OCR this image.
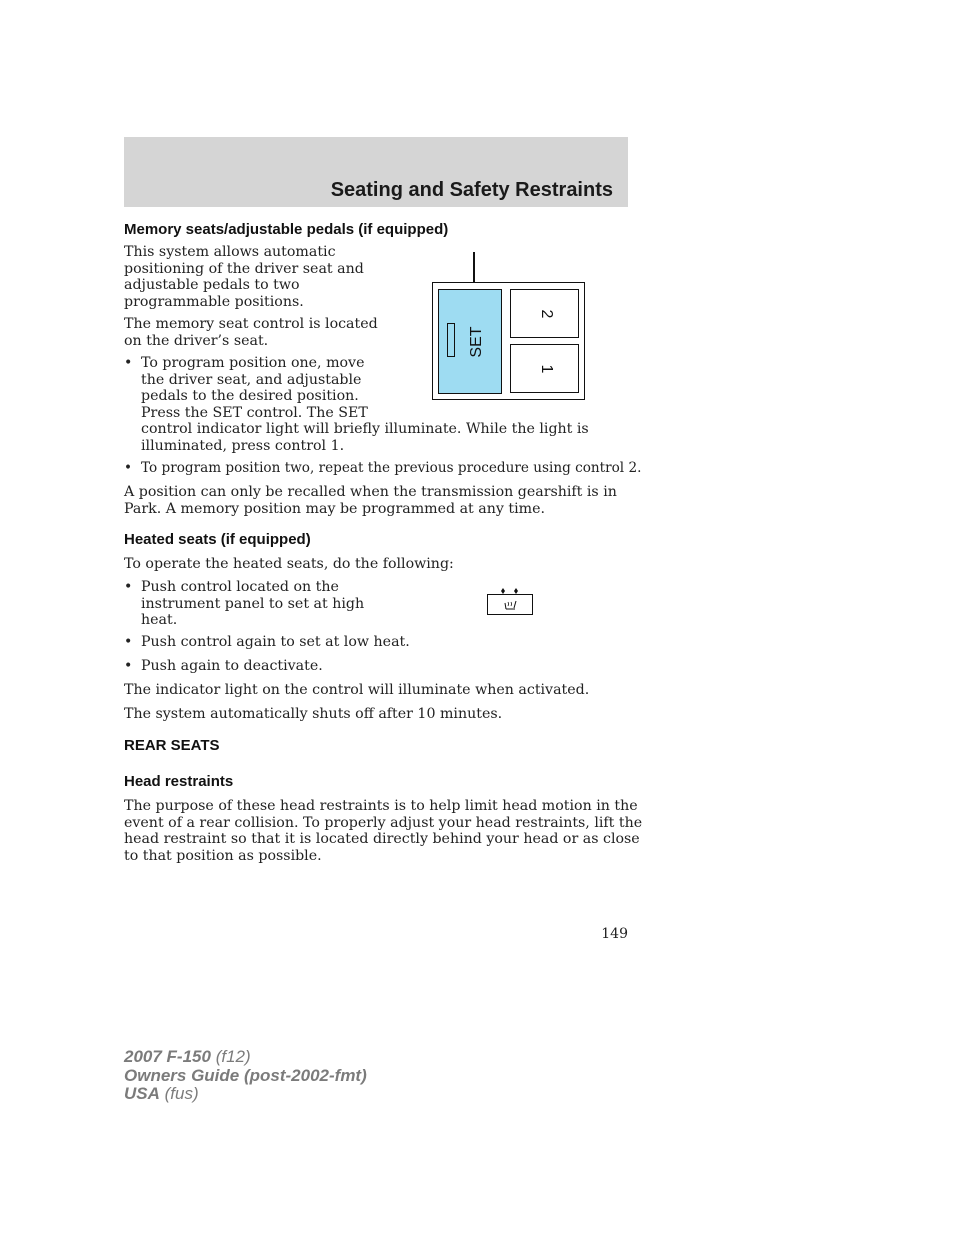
Seating and Safety Restraints
Memory seats/adjustable pedals (if equipped)
This system allows automatic
positioning of the driver seat and
adjustable pedals to two
programmable positions.
The memory seat control is located
on the driver’s seat.
• To program position one, move
the driver seat, and adjustable
pedals to the desired position.
Press the SET control. The SET
control indicator light will briefly illuminate. While the light is
illuminated, press control 1.
• To program position two, repeat the previous procedure using control 2.
A position can only be recalled when the transmission gearshift is in
Park. A memory position may be programmed at any time.
SET
2
1
Heated seats (if equipped)
To operate the heated seats, do the following:
• Push control located on the
instrument panel to set at high
heat.
• Push control again to set at low heat.
• Push again to deactivate.
The indicator light on the control will illuminate when activated.
The system automatically shuts off after 10 minutes.
REAR SEATS
Head restraints
The purpose of these head restraints is to help limit head motion in the
event of a rear collision. To properly adjust your head restraints, lift the
head restraint so that it is located directly behind your head or as close
to that position as possible.
149
2007 F-150 (f12)
Owners Guide (post-2002-fmt)
USA (fus)
